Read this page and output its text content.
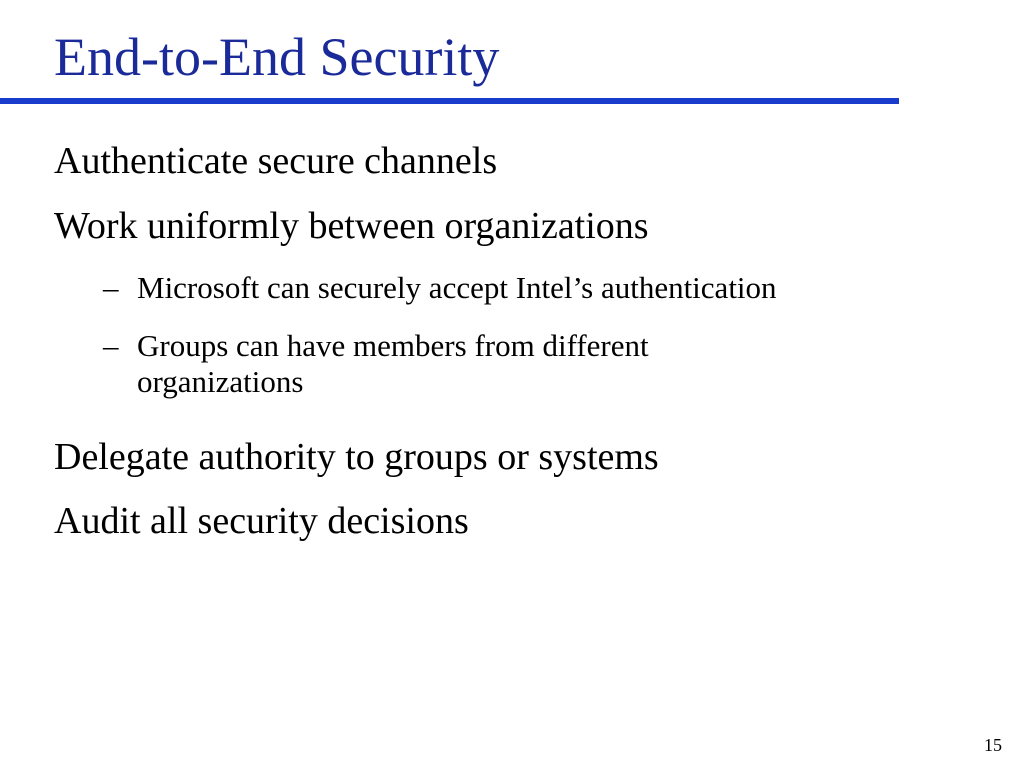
End-to-End Security

Authenticate secure channels

Work uniformly between organizations

– Microsoft can securely accept Intel’s authentication
– Groups can have members from different
organizations

Delegate authority to groups or systems

Audit all security decisions

15
